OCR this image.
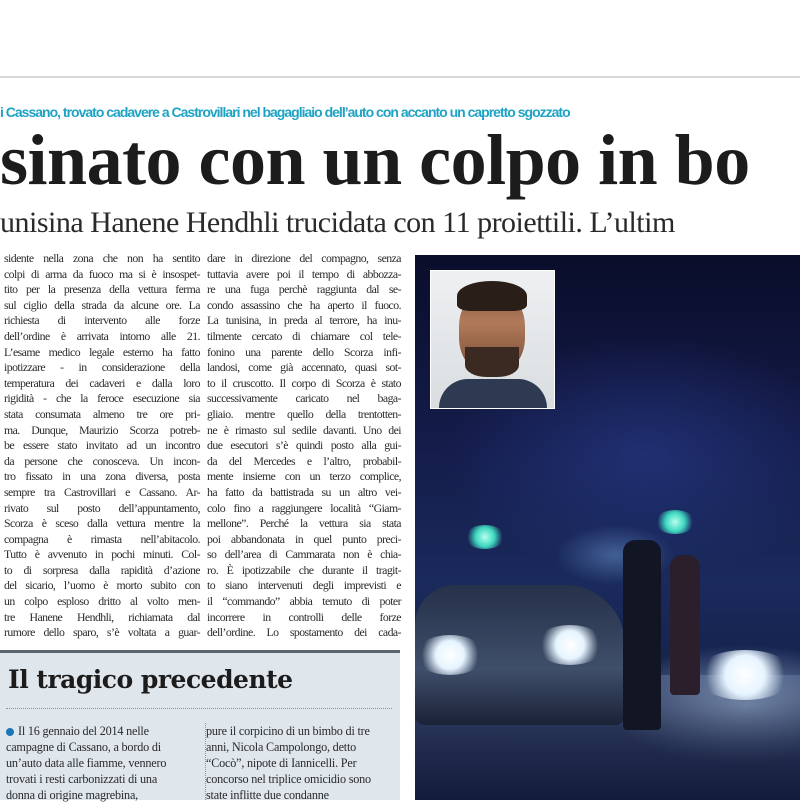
i Cassano, trovato cadavere a Castrovillari nel bagagliaio dell’auto con accanto un capretto sgozzato
sinato con un colpo in bo
unisina Hanene Hendhli trucidata con 11 proiettili. L’ultim
sidente nella zona che non ha sentito
colpi di arma da fuoco ma si è insospet-
tito per la presenza della vettura ferma
sul ciglio della strada da alcune ore. La
richiesta di intervento alle forze
dell’ordine è arrivata intorno alle 21.
L’esame medico legale esterno ha fatto
ipotizzare - in considerazione della
temperatura dei cadaveri e dalla loro
rigidità - che la feroce esecuzione sia
stata consumata almeno tre ore pri-
ma. Dunque, Maurizio Scorza potreb-
be essere stato invitato ad un incontro
da persone che conosceva. Un incon-
tro fissato in una zona diversa, posta
sempre tra Castrovillari e Cassano. Ar-
rivato sul posto dell’appuntamento,
Scorza è sceso dalla vettura mentre la
compagna è rimasta nell’abitacolo.
Tutto è avvenuto in pochi minuti. Col-
to di sorpresa dalla rapidità d’azione
del sicario, l’uomo è morto subito con
un colpo esploso dritto al volto men-
tre Hanene Hendhli, richiamata dal
rumore dello sparo, s’è voltata a guar-
dare in direzione del compagno, senza
tuttavia avere poi il tempo di abbozza-
re una fuga perchè raggiunta dal se-
condo assassino che ha aperto il fuoco.
La tunisina, in preda al terrore, ha inu-
tilmente cercato di chiamare col tele-
fonino una parente dello Scorza infi-
landosi, come già accennato, quasi sot-
to il cruscotto. Il corpo di Scorza è stato
successivamente caricato nel baga-
gliaio. mentre quello della trentotten-
ne è rimasto sul sedile davanti. Uno dei
due esecutori s’è quindi posto alla gui-
da del Mercedes e l’altro, probabil-
mente insieme con un terzo complice,
ha fatto da battistrada su un altro vei-
colo fino a raggiungere località “Giam-
mellone”. Perché la vettura sia stata
poi abbandonata in quel punto preci-
so dell’area di Cammarata non è chia-
ro. È ipotizzabile che durante il tragit-
to siano intervenuti degli imprevisti e
il “commando” abbia temuto di poter
incorrere in controlli delle forze
dell’ordine. Lo spostamento dei cada-
Il tragico precedente
Il 16 gennaio del 2014 nelle
campagne di Cassano, a bordo di
un’auto data alle fiamme, vennero
trovati i resti carbonizzati di una
donna di origine magrebina,
pure il corpicino di un bimbo di tre
anni, Nicola Campolongo, detto
“Cocò”, nipote di Iannicelli. Per
concorso nel triplice omicidio sono
state inflitte due condanne
